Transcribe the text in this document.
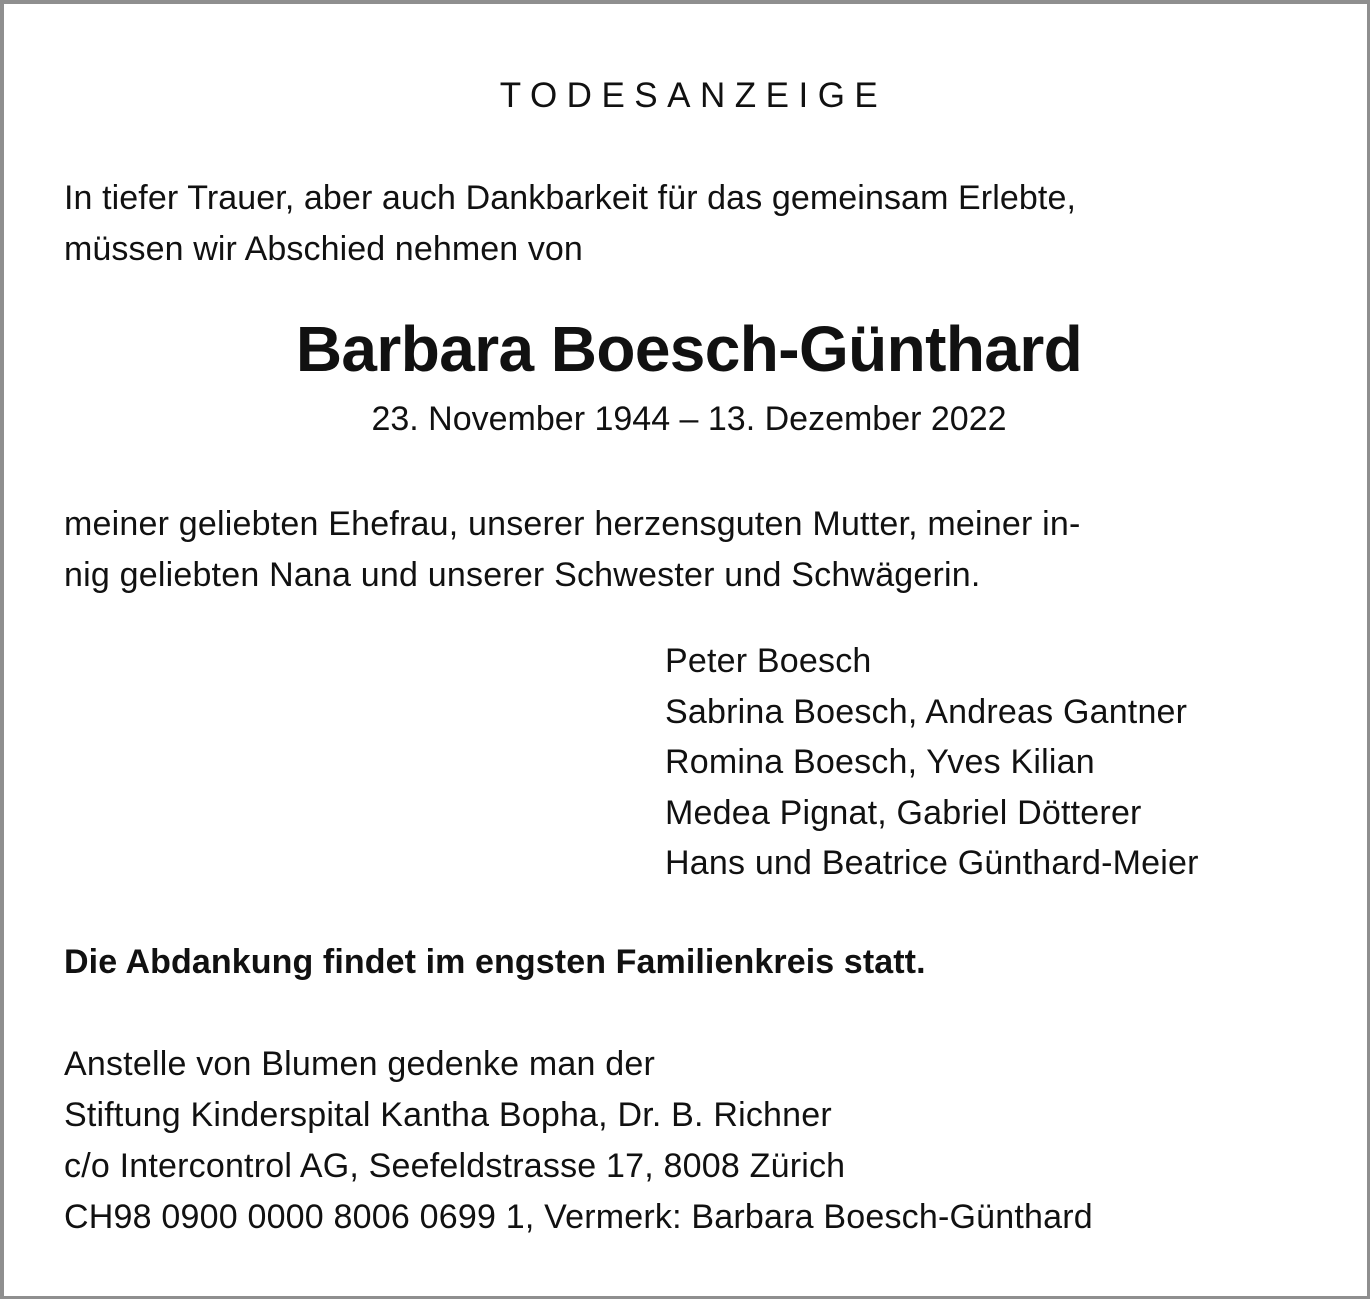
TODESANZEIGE
In tiefer Trauer, aber auch Dankbarkeit für das gemeinsam Erlebte,
müssen wir Abschied nehmen von
Barbara Boesch-Günthard
23. November 1944 – 13. Dezember 2022
meiner geliebten Ehefrau, unserer herzensguten Mutter, meiner in-
nig geliebten Nana und unserer Schwester und Schwägerin.
Peter Boesch
Sabrina Boesch, Andreas Gantner
Romina Boesch, Yves Kilian
Medea Pignat, Gabriel Dötterer
Hans und Beatrice Günthard-Meier
Die Abdankung findet im engsten Familienkreis statt.
Anstelle von Blumen gedenke man der
Stiftung Kinderspital Kantha Bopha, Dr. B. Richner
c/o Intercontrol AG, Seefeldstrasse 17, 8008 Zürich
CH98 0900 0000 8006 0699 1, Vermerk: Barbara Boesch-Günthard
